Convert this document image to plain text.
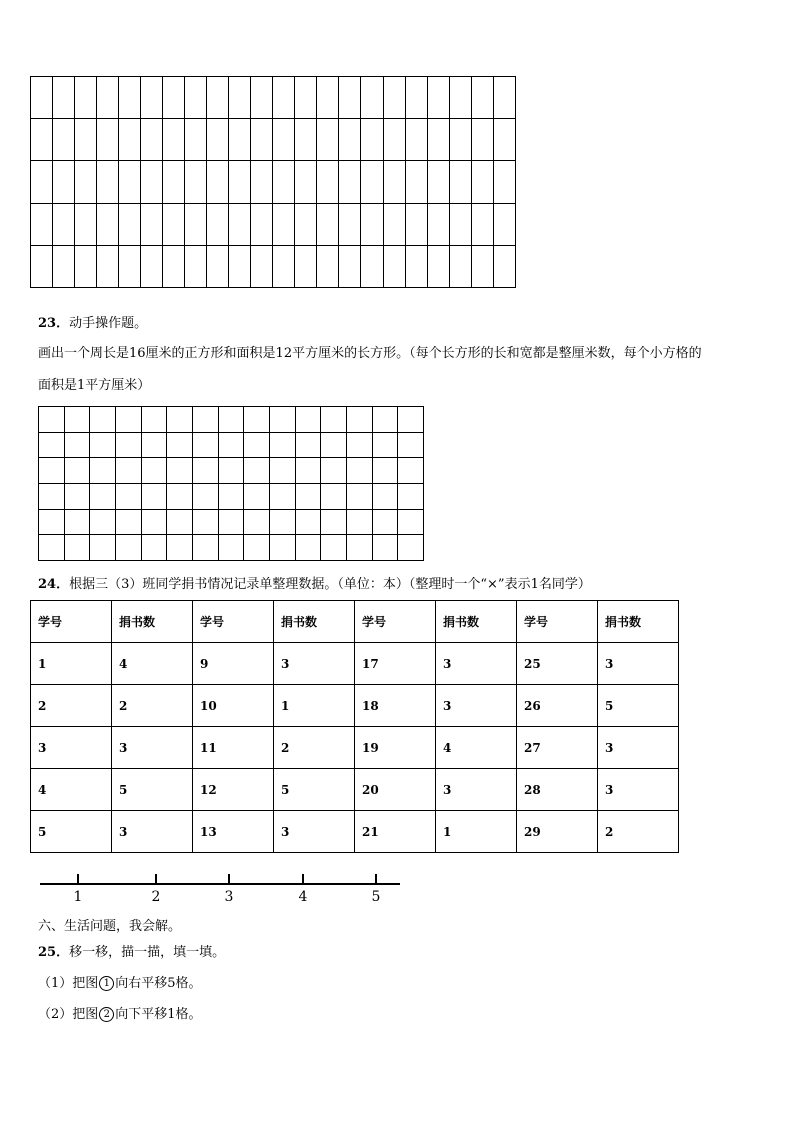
23．动手操作题。
画出一个周长是16厘米的正方形和面积是12平方厘米的长方形。（每个长方形的长和宽都是整厘米数，每个小方格的
面积是1平方厘米）

24．根据三（3）班同学捐书情况记录单整理数据。（单位：本）（整理时一个“×”表示1名同学）
学号	捐书数	学号	捐书数	学号	捐书数	学号	捐书数
1	4	9	3	17	3	25	3
2	2	10	1	18	3	26	5
3	3	11	2	19	4	27	3
4	5	12	5	20	3	28	3
5	3	13	3	21	1	29	2
1	2	3	4	5
六、生活问题，我会解。
25．移一移，描一描，填一填。
（1）把图 1 向右平移5格。
（2）把图 2 向下平移1格。
